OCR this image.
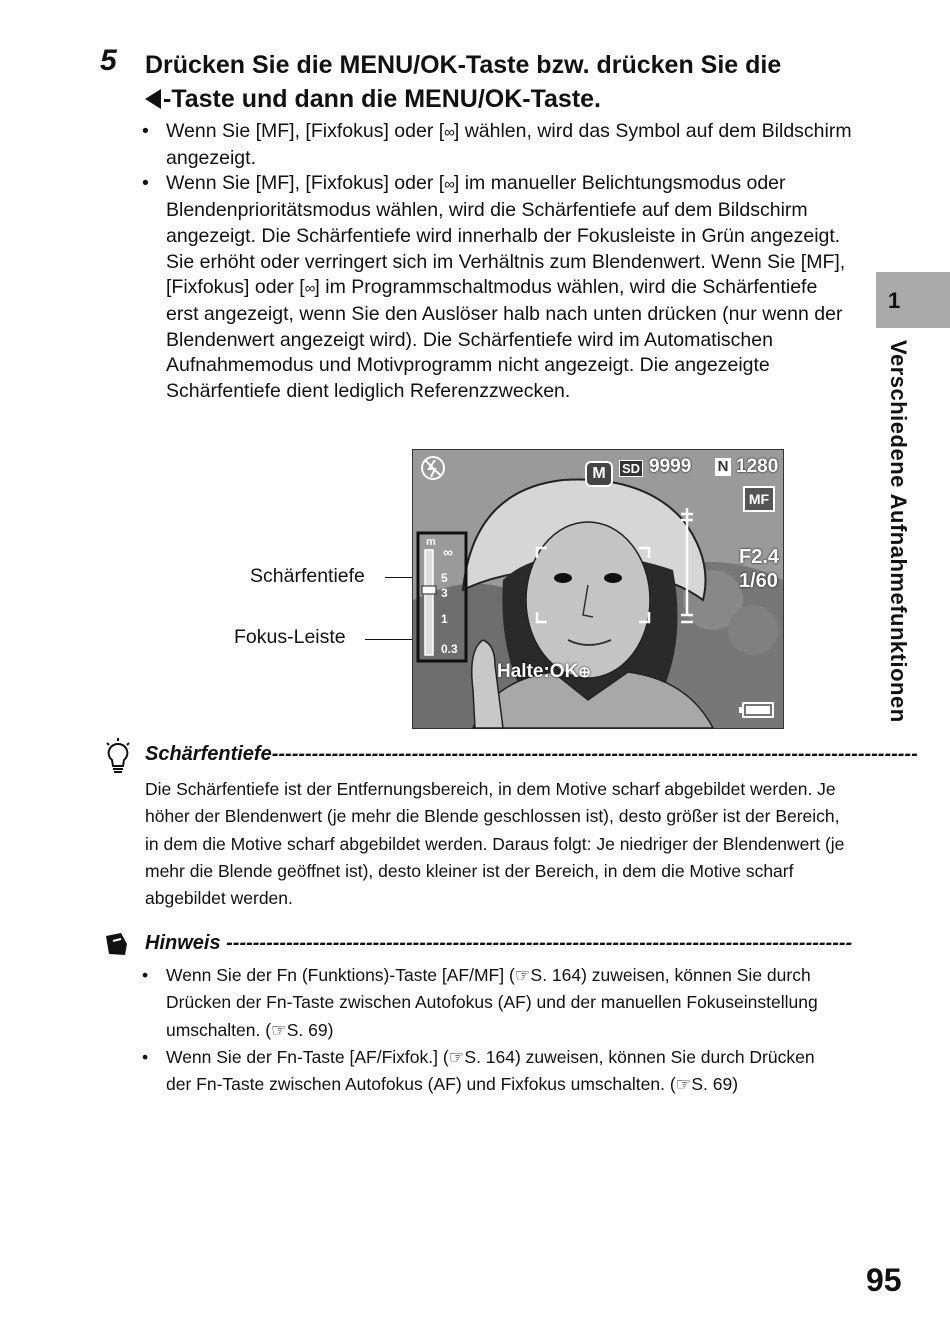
5 Drücken Sie die MENU/OK-Taste bzw. drücken Sie die
-Taste und dann die MENU/OK-Taste.
• Wenn Sie [MF], [Fixfokus] oder [∞] wählen, wird das Symbol auf dem Bildschirm angezeigt.
• Wenn Sie [MF], [Fixfokus] oder [∞] im manueller Belichtungsmodus oder Blendenprioritätsmodus wählen, wird die Schärfentiefe auf dem Bildschirm angezeigt. Die Schärfentiefe wird innerhalb der Fokusleiste in Grün angezeigt. Sie erhöht oder verringert sich im Verhältnis zum Blendenwert. Wenn Sie [MF], [Fixfokus] oder [∞] im Programmschaltmodus wählen, wird die Schärfentiefe erst angezeigt, wenn Sie den Auslöser halb nach unten drücken (nur wenn der Blendenwert angezeigt wird). Die Schärfentiefe wird im Automatischen Aufnahmemodus und Motivprogramm nicht angezeigt. Die angezeigte Schärfentiefe dient lediglich Referenzzwecken.
Schärfentiefe
Fokus-Leiste
M	SD 9999 N 1280
MF
F2.4
1/60
Halte:OK⊕
m
∞
5
3
1
0.3
1
Verschiedene Aufnahmefunktionen
Schärfentiefe-------------------------------------------------------------------------------------------------
Die Schärfentiefe ist der Entfernungsbereich, in dem Motive scharf abgebildet werden. Je höher der Blendenwert (je mehr die Blende geschlossen ist), desto größer ist der Bereich, in dem die Motive scharf abgebildet werden. Daraus folgt: Je niedriger der Blendenwert (je mehr die Blende geöffnet ist), desto kleiner ist der Bereich, in dem die Motive scharf abgebildet werden.
Hinweis ----------------------------------------------------------------------------------------------
• Wenn Sie der Fn (Funktions)-Taste [AF/MF] (☞S. 164) zuweisen, können Sie durch Drücken der Fn-Taste zwischen Autofokus (AF) und der manuellen Fokuseinstellung umschalten. (☞S. 69)
• Wenn Sie der Fn-Taste [AF/Fixfok.] (☞S. 164) zuweisen, können Sie durch Drücken der Fn-Taste zwischen Autofokus (AF) und Fixfokus umschalten. (☞S. 69)
95
